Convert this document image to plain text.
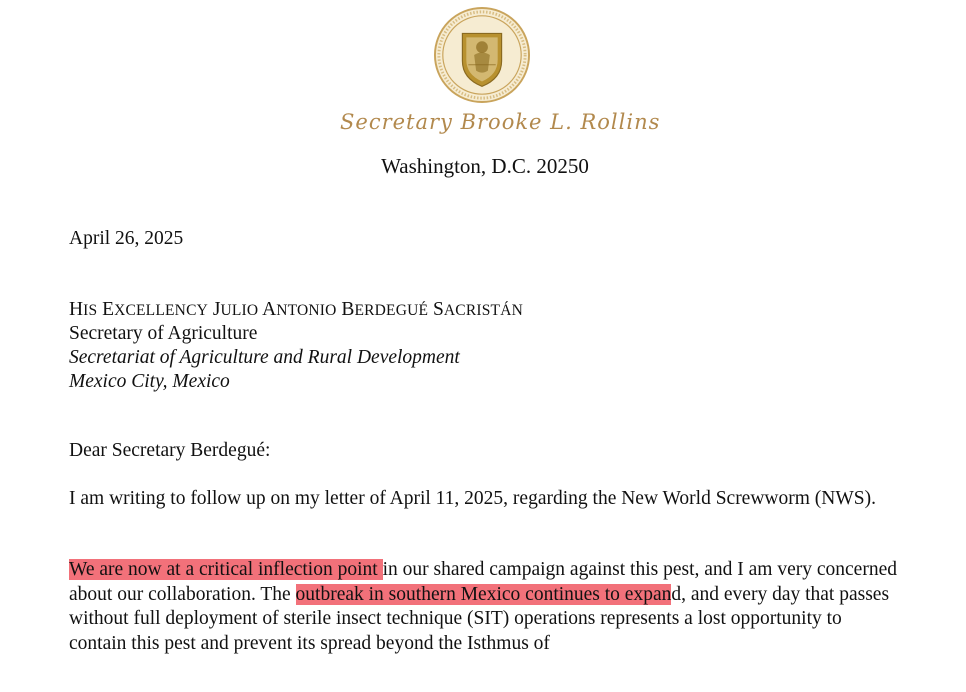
Secretary Brooke L. Rollins
Washington, D.C. 20250
April 26, 2025
HIS EXCELLENCY JULIO ANTONIO BERDEGUÉ SACRISTÁN
Secretary of Agriculture
Secretariat of Agriculture and Rural Development
Mexico City, Mexico
Dear Secretary Berdegué:
I am writing to follow up on my letter of April 11, 2025, regarding the New World Screwworm (NWS).
We are now at a critical inflection point in our shared campaign against this pest, and I am very concerned about our collaboration. The outbreak in southern Mexico continues to expand, and every day that passes without full deployment of sterile insect technique (SIT) operations represents a lost opportunity to contain this pest and prevent its spread beyond the Isthmus of
